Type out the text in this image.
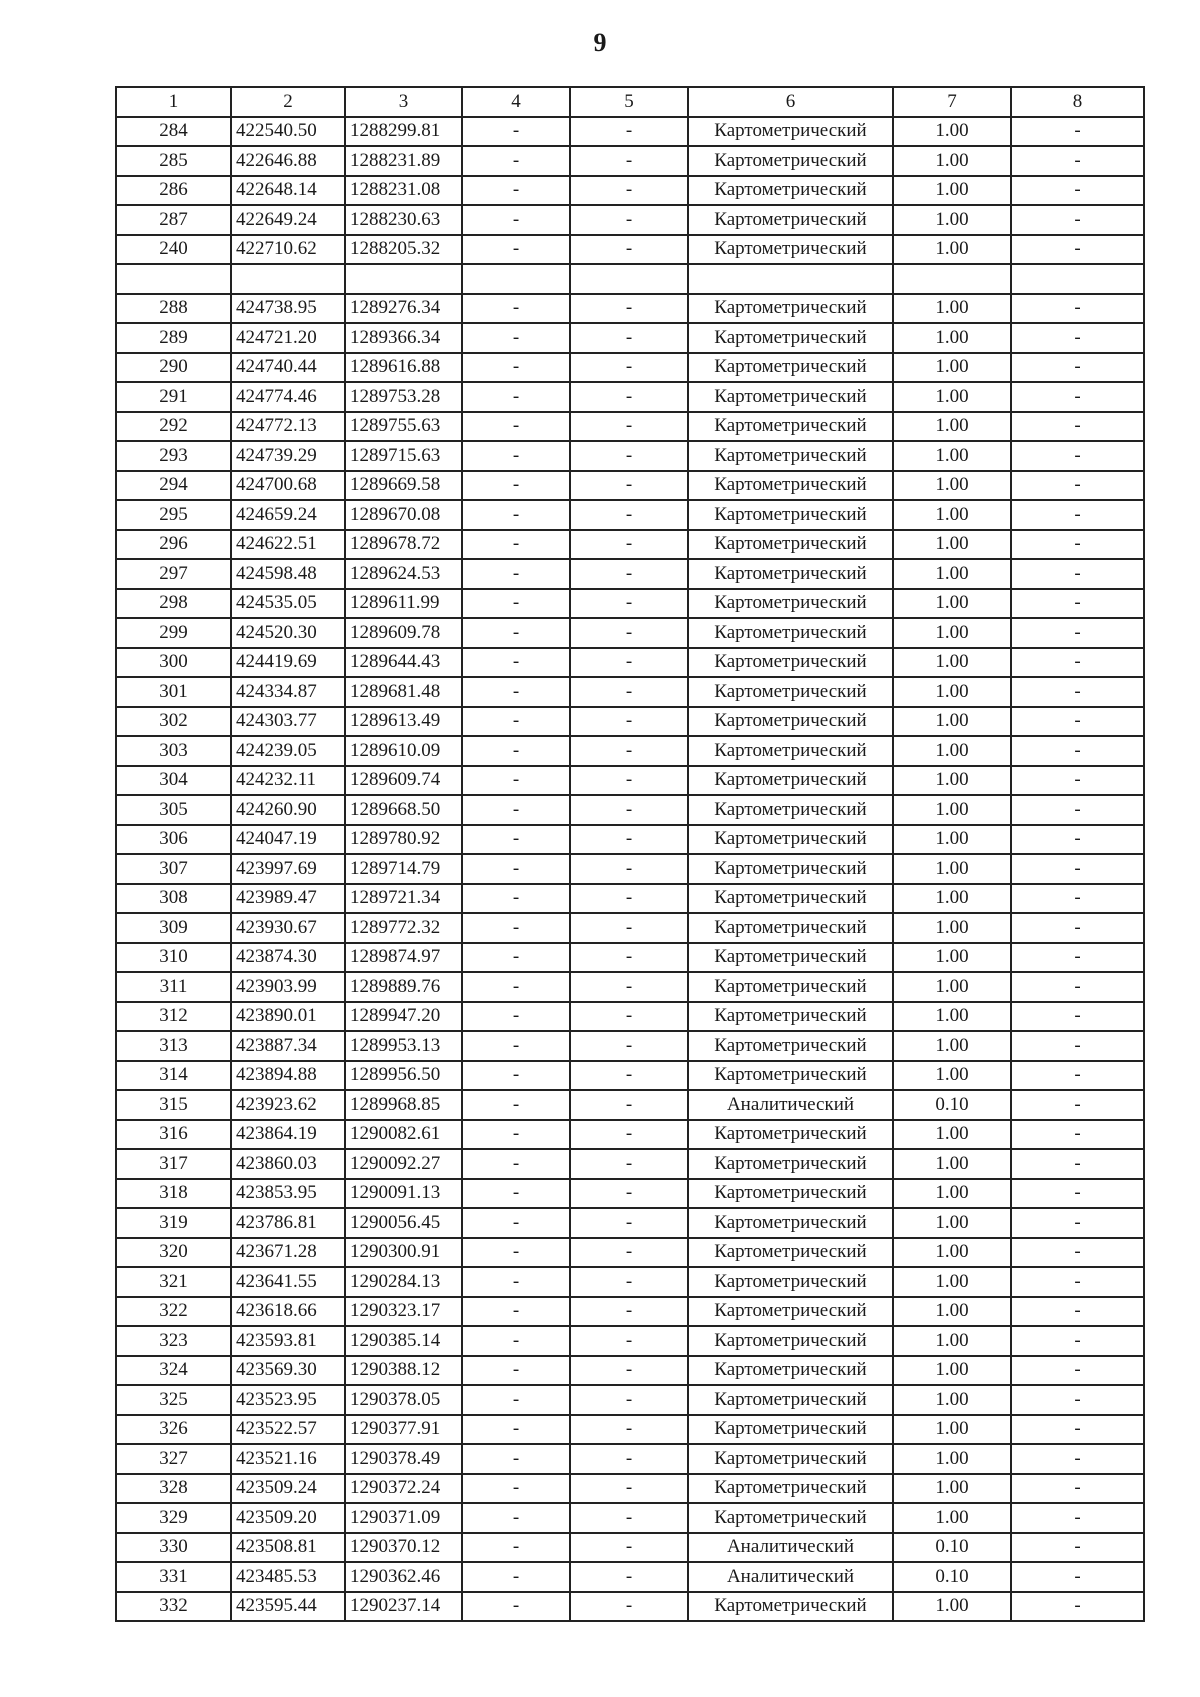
9
1	2	3	4	5	6	7	8
284	422540.50	1288299.81	-	-	Картометрический	1.00	-
285	422646.88	1288231.89	-	-	Картометрический	1.00	-
286	422648.14	1288231.08	-	-	Картометрический	1.00	-
287	422649.24	1288230.63	-	-	Картометрический	1.00	-
240	422710.62	1288205.32	-	-	Картометрический	1.00	-

288	424738.95	1289276.34	-	-	Картометрический	1.00	-
289	424721.20	1289366.34	-	-	Картометрический	1.00	-
290	424740.44	1289616.88	-	-	Картометрический	1.00	-
291	424774.46	1289753.28	-	-	Картометрический	1.00	-
292	424772.13	1289755.63	-	-	Картометрический	1.00	-
293	424739.29	1289715.63	-	-	Картометрический	1.00	-
294	424700.68	1289669.58	-	-	Картометрический	1.00	-
295	424659.24	1289670.08	-	-	Картометрический	1.00	-
296	424622.51	1289678.72	-	-	Картометрический	1.00	-
297	424598.48	1289624.53	-	-	Картометрический	1.00	-
298	424535.05	1289611.99	-	-	Картометрический	1.00	-
299	424520.30	1289609.78	-	-	Картометрический	1.00	-
300	424419.69	1289644.43	-	-	Картометрический	1.00	-
301	424334.87	1289681.48	-	-	Картометрический	1.00	-
302	424303.77	1289613.49	-	-	Картометрический	1.00	-
303	424239.05	1289610.09	-	-	Картометрический	1.00	-
304	424232.11	1289609.74	-	-	Картометрический	1.00	-
305	424260.90	1289668.50	-	-	Картометрический	1.00	-
306	424047.19	1289780.92	-	-	Картометрический	1.00	-
307	423997.69	1289714.79	-	-	Картометрический	1.00	-
308	423989.47	1289721.34	-	-	Картометрический	1.00	-
309	423930.67	1289772.32	-	-	Картометрический	1.00	-
310	423874.30	1289874.97	-	-	Картометрический	1.00	-
311	423903.99	1289889.76	-	-	Картометрический	1.00	-
312	423890.01	1289947.20	-	-	Картометрический	1.00	-
313	423887.34	1289953.13	-	-	Картометрический	1.00	-
314	423894.88	1289956.50	-	-	Картометрический	1.00	-
315	423923.62	1289968.85	-	-	Аналитический	0.10	-
316	423864.19	1290082.61	-	-	Картометрический	1.00	-
317	423860.03	1290092.27	-	-	Картометрический	1.00	-
318	423853.95	1290091.13	-	-	Картометрический	1.00	-
319	423786.81	1290056.45	-	-	Картометрический	1.00	-
320	423671.28	1290300.91	-	-	Картометрический	1.00	-
321	423641.55	1290284.13	-	-	Картометрический	1.00	-
322	423618.66	1290323.17	-	-	Картометрический	1.00	-
323	423593.81	1290385.14	-	-	Картометрический	1.00	-
324	423569.30	1290388.12	-	-	Картометрический	1.00	-
325	423523.95	1290378.05	-	-	Картометрический	1.00	-
326	423522.57	1290377.91	-	-	Картометрический	1.00	-
327	423521.16	1290378.49	-	-	Картометрический	1.00	-
328	423509.24	1290372.24	-	-	Картометрический	1.00	-
329	423509.20	1290371.09	-	-	Картометрический	1.00	-
330	423508.81	1290370.12	-	-	Аналитический	0.10	-
331	423485.53	1290362.46	-	-	Аналитический	0.10	-
332	423595.44	1290237.14	-	-	Картометрический	1.00	-
